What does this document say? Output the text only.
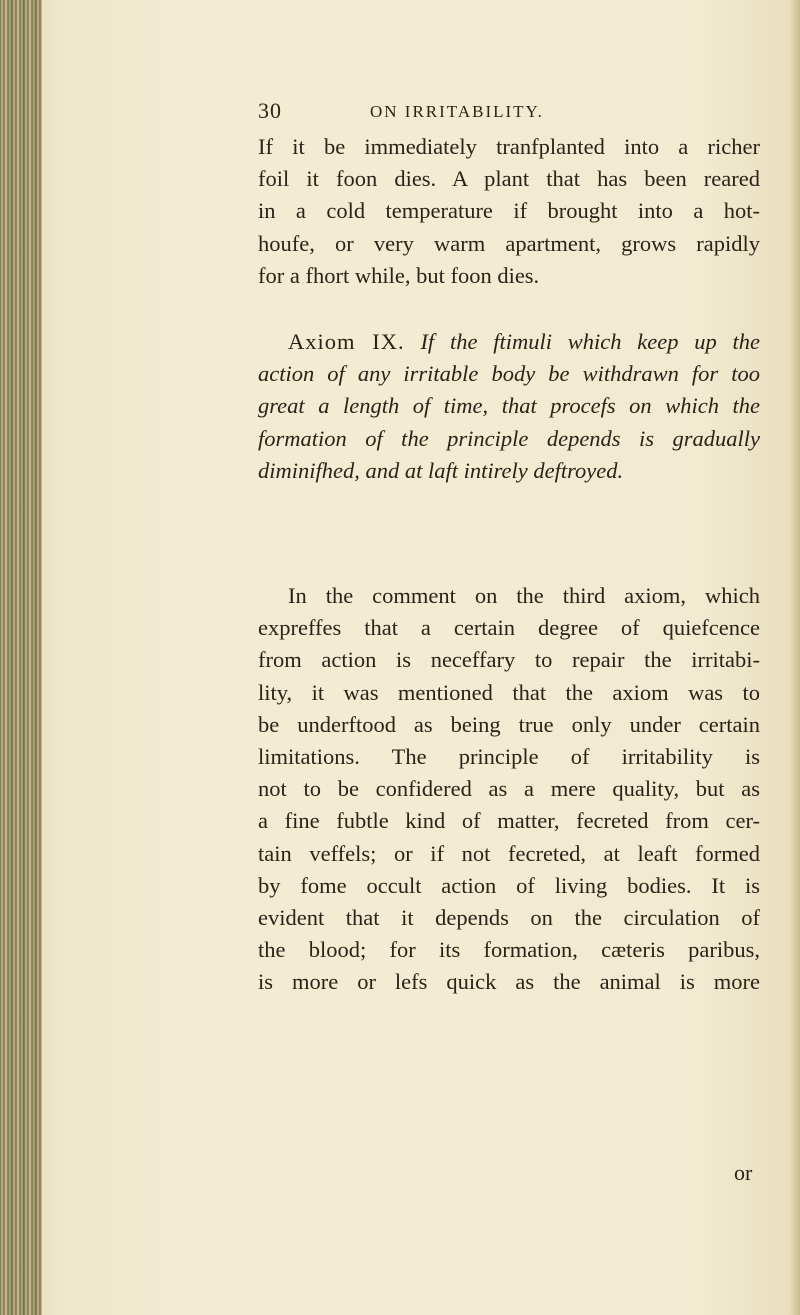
30	ON IRRITABILITY.
If it be immediately tranfplanted into a richer
foil it foon dies. A plant that has been reared
in a cold temperature if brought into a hot-
houfe, or very warm apartment, grows rapidly
for a fhort while, but foon dies.
Axiom IX. If the ftimuli which keep up the
action of any irritable body be withdrawn for too
great a length of time, that procefs on which the
formation of the principle depends is gradually
diminifhed, and at laft intirely deftroyed.
In the comment on the third axiom, which
expreffes that a certain degree of quiefcence
from action is neceffary to repair the irritabi-
lity, it was mentioned that the axiom was to
be underftood as being true only under certain
limitations. The principle of irritability is
not to be confidered as a mere quality, but as
a fine fubtle kind of matter, fecreted from cer-
tain veffels; or if not fecreted, at leaft formed
by fome occult action of living bodies. It is
evident that it depends on the circulation of
the blood; for its formation, cæteris paribus,
is more or lefs quick as the animal is more
or
